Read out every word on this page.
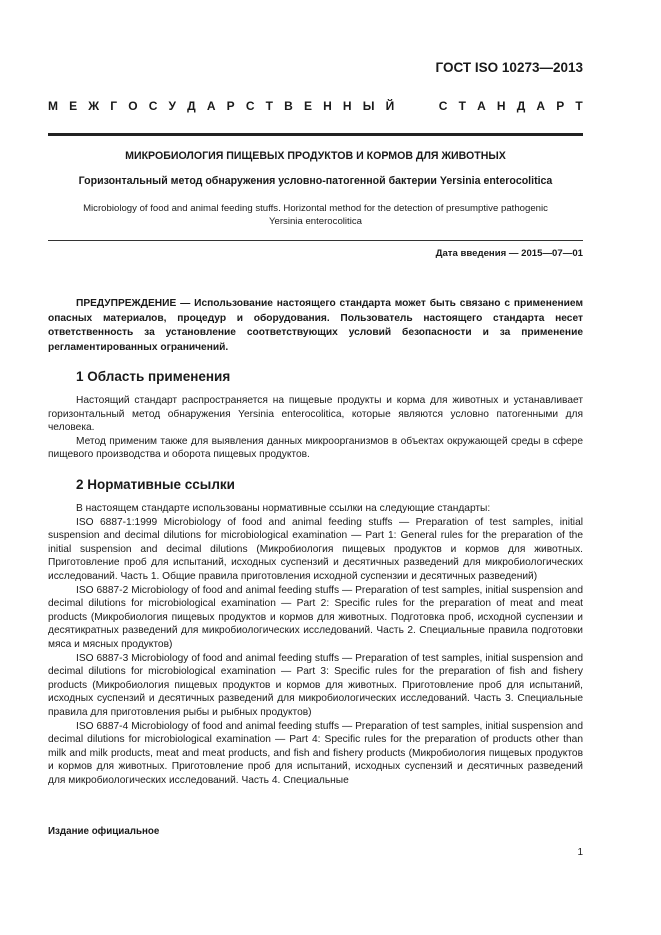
ГОСТ ISO 10273—2013
М Е Ж Г О С У Д А Р С Т В Е Н Н Ы Й	С Т А Н Д А Р Т
МИКРОБИОЛОГИЯ ПИЩЕВЫХ ПРОДУКТОВ И КОРМОВ ДЛЯ ЖИВОТНЫХ
Горизонтальный метод обнаружения условно-патогенной бактерии Yersinia enterocolitica
Microbiology of food and animal feeding stuffs. Horizontal method for the detection of presumptive pathogenic Yersinia enterocolitica
Дата введения — 2015—07—01
ПРЕДУПРЕЖДЕНИЕ — Использование настоящего стандарта может быть связано с применением опасных материалов, процедур и оборудования. Пользователь настоящего стандарта несет ответственность за установление соответствующих условий безопасности и за применение регламентированных ограничений.
1 Область применения

Настоящий стандарт распространяется на пищевые продукты и корма для животных и устанавливает горизонтальный метод обнаружения Yersinia enterocolitica, которые являются условно патогенными для человека.

Метод применим также для выявления данных микроорганизмов в объектах окружающей среды в сфере пищевого производства и оборота пищевых продуктов.

2 Нормативные ссылки

В настоящем стандарте использованы нормативные ссылки на следующие стандарты:

ISO 6887-1:1999 Microbiology of food and animal feeding stuffs — Preparation of test samples, initial suspension and decimal dilutions for microbiological examination — Part 1: General rules for the preparation of the initial suspension and decimal dilutions (Микробиология пищевых продуктов и кормов для животных. Приготовление проб для испытаний, исходных суспензий и десятичных разведений для микробиологических исследований. Часть 1. Общие правила приготовления исходной суспензии и десятичных разведений)

ISO 6887-2 Microbiology of food and animal feeding stuffs — Preparation of test samples, initial suspension and decimal dilutions for microbiological examination — Part 2: Specific rules for the preparation of meat and meat products (Микробиология пищевых продуктов и кормов для животных. Подготовка проб, исходной суспензии и десятикратных разведений для микробиологических исследований. Часть 2. Специальные правила подготовки мяса и мясных продуктов)

ISO 6887-3 Microbiology of food and animal feeding stuffs — Preparation of test samples, initial suspension and decimal dilutions for microbiological examination — Part 3: Specific rules for the preparation of fish and fishery products (Микробиология пищевых продуктов и кормов для животных. Приготовление проб для испытаний, исходных суспензий и десятичных разведений для микробиологических исследований. Часть 3. Специальные правила для приготовления рыбы и рыбных продуктов)

ISO 6887-4 Microbiology of food and animal feeding stuffs — Preparation of test samples, initial suspension and decimal dilutions for microbiological examination — Part 4: Specific rules for the preparation of products other than milk and milk products, meat and meat products, and fish and fishery products (Микробиология пищевых продуктов и кормов для животных. Приготовление проб для испытаний, исходных суспензий и десятичных разведений для микробиологических исследований. Часть 4. Специальные

Издание официальное
1
